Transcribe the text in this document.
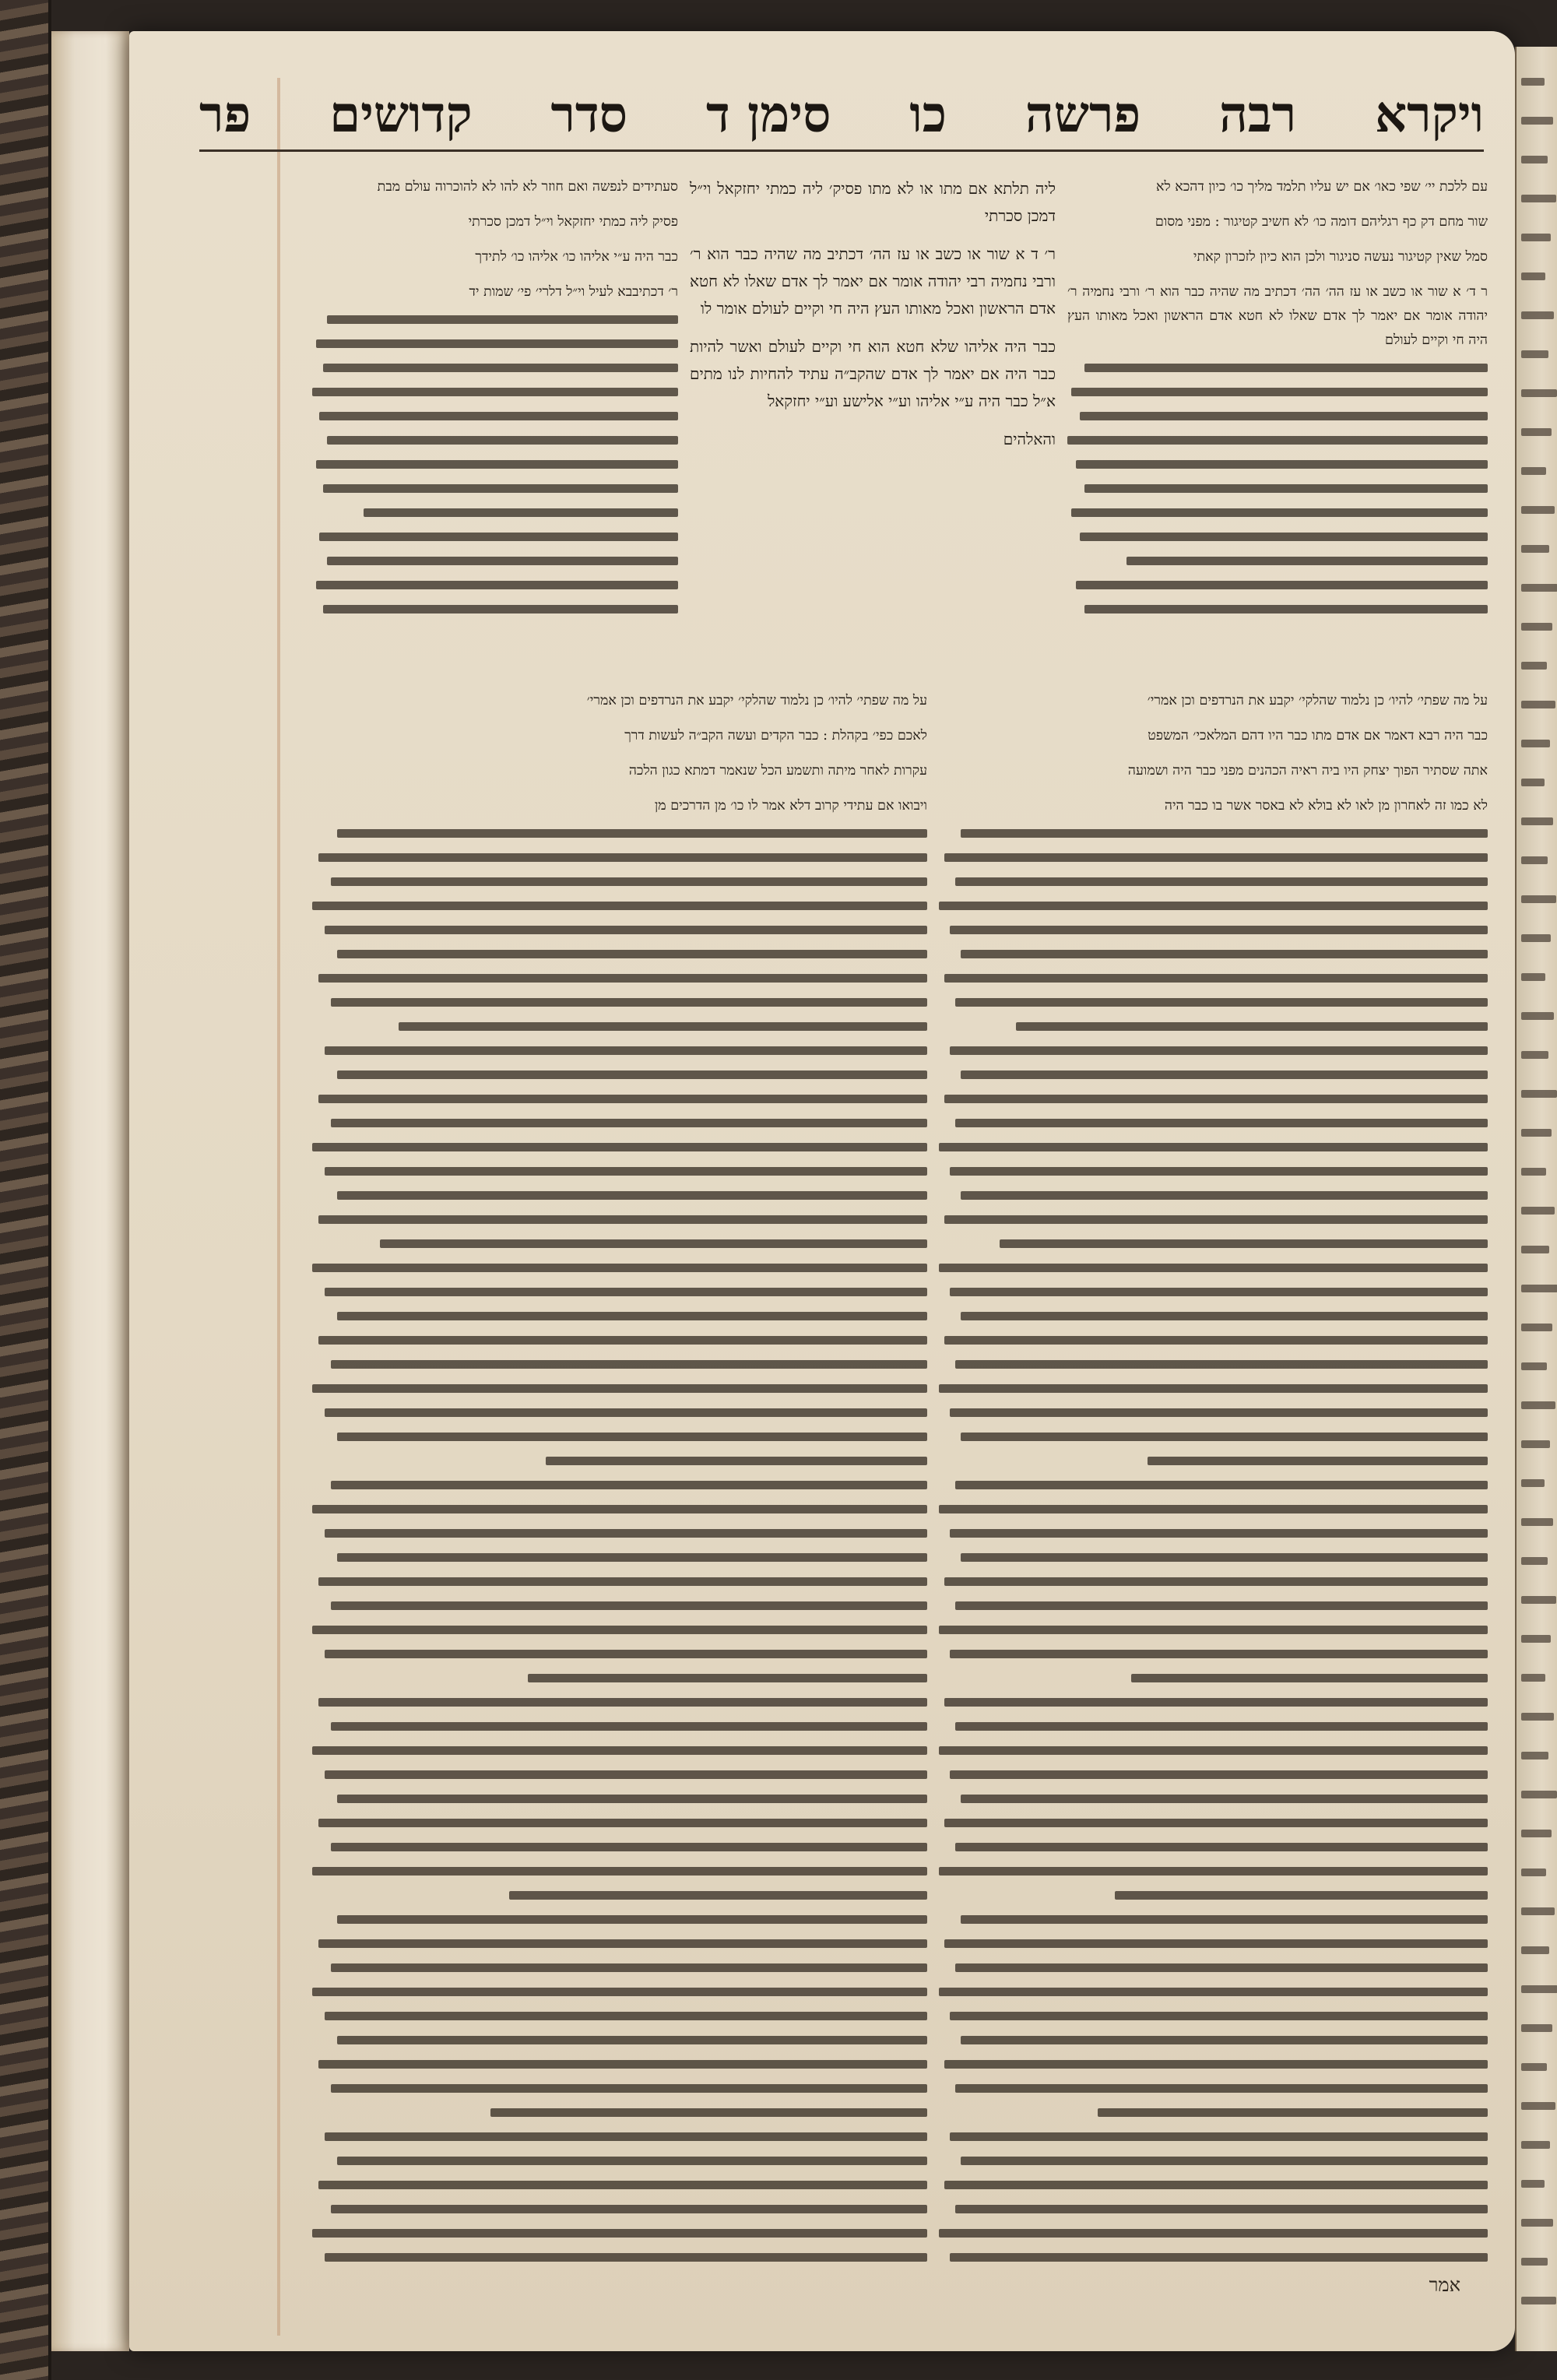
ויקרא
רבה
פרשה
כו
סימן ד
סדר
קדושים
פר

עם ללכת יי׳ שפי כאו׳ אם יש עליו תלמד מליך כו׳ כיון דהכא לא

שור מחם דק כף רגליהם דומה כו׳ לא חשיב קטיגור : מפני מסום

סמל שאין קטיגור נעשה סניגור ולכן הוא כיון לזכרון קאתי

ר ד׳ א שור או כשב או עז הה׳ הה׳ דכתיב מה שהיה כבר הוא ר׳ ורבי נחמיה ר׳ יהודה אומר אם יאמר לך אדם שאלו לא חטא אדם הראשון ואכל מאותו העץ היה חי וקיים לעולם

ליה תלתא אם מתו או לא מתו פסיק׳ ליה כמתי יחזקאל וי״ל דמכן סכרתי

ר׳ ד א שור או כשב או עז הה׳ דכתיב מה שהיה כבר הוא ר׳ ורבי נחמיה רבי יהודה אומר אם יאמר לך אדם שאלו לא חטא אדם הראשון ואכל מאותו העץ היה חי וקיים לעולם אומר לו

כבר היה אליהו שלא חטא הוא חי וקיים לעולם ואשר להיות כבר היה אם יאמר לך אדם שהקב״ה עתיד להחיות לנו מתים א״ל כבר היה ע״י אליהו וע״י אלישע וע״י יחזקאל

והאלהים

סעתידים לנפשה ואם חוזר לא להו לא להוכרוה עולם מבת

פסיק ליה כמתי יחזקאל וי״ל דמכן סכרתי

כבר היה ע״י אליהו כו׳ אליהו כו׳ לתידך

ר׳ דכתיבבא לעיל וי״ל דלרי׳ פי׳ שמות יד

על מה שפתי׳ להיו׳ כן נלמוד שהלקי׳ יקבע את הנרדפים וכן אמרי׳

כבר היה רבא דאמר אם אדם מתו כבר היו דהם המלאכי׳ המשפט

אתה שסתיר הפוך יצחק היו ביה ראיה הכהנים מפני כבר היה ושמועה

לא כמו זה לאחרון מן לאו לא בולא לא באסר אשר בו כבר היה

על מה שפתי׳ להיו׳ כן נלמוד שהלקי׳ יקבע את הנרדפים וכן אמרי׳

לאכם כפי׳ בקהלת : כבר הקדים ועשה הקב״ה לעשות דרך

עקרות לאחר מיתה ותשמע הכל שנאמר דמתא כגון הלכה

ויבואו אם עתידי קרוב דלא אמר לו כו׳ מן הדרכים מן

אמר
